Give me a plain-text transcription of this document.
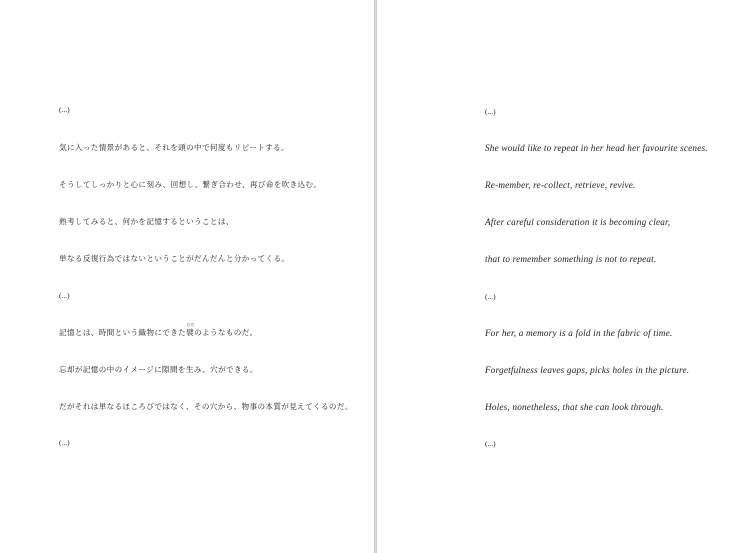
(...)
気に入った情景があると、それを頭の中で何度もリピートする。
そうしてしっかりと心に刻み、回想し、繋ぎ合わせ、再び命を吹き込む。
熟考してみると、何かを記憶するということは、
単なる反復行為ではないということがだんだんと分かってくる。
(...)
記憶とは、時間という織物にできた
ひだ
襞のようなものだ。
忘却が記憶の中のイメージに隙間を生み、穴ができる。
だがそれは単なるほころびではなく、その穴から、物事の本質が見えてくるのだ。
(...)
(...)
She would like to repeat in her head her favourite scenes.
Re-member, re-collect, retrieve, revive.
After careful consideration it is becoming clear,
that to remember something is not to repeat.
(...)
For her, a memory is a fold in the fabric of time.
Forgetfulness leaves gaps, picks holes in the picture.
Holes, nonetheless, that she can look through.
(...)
